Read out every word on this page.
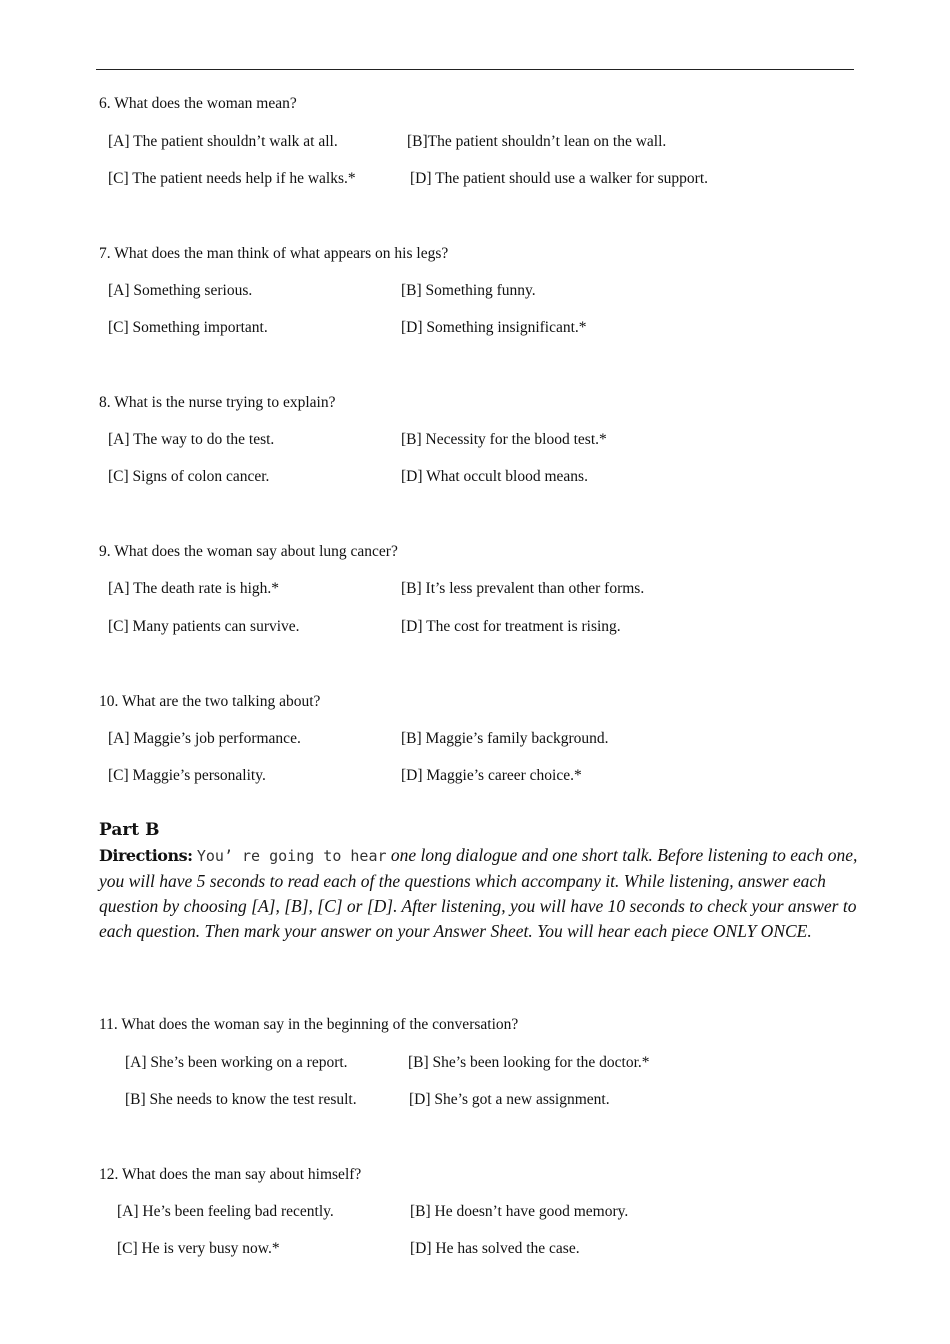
6. What does the woman mean?
[A] The patient shouldn’t walk at all.	[B]The patient shouldn’t lean on the wall.
[C] The patient needs help if he walks.*	[D] The patient should use a walker for support.
7. What does the man think of what appears on his legs?
[A] Something serious.	[B] Something funny.
[C] Something important.	[D] Something insignificant.*
8. What is the nurse trying to explain?
[A] The way to do the test.	[B] Necessity for the blood test.*
[C] Signs of colon cancer.	[D] What occult blood means.
9. What does the woman say about lung cancer?
[A] The death rate is high.*	[B] It’s less prevalent than other forms.
[C] Many patients can survive.	[D] The cost for treatment is rising.
10. What are the two talking about?
[A] Maggie’s job performance.	[B] Maggie’s family background.
[C] Maggie’s personality.	[D] Maggie’s career choice.*
Part B
Directions: You’ re going to hear one long dialogue and one short talk. Before listening to each one, you will have 5 seconds to read each of the questions which accompany it. While listening, answer each question by choosing [A], [B], [C] or [D]. After listening, you will have 10 seconds to check your answer to each question. Then mark your answer on your Answer Sheet. You will hear each piece ONLY ONCE.
11. What does the woman say in the beginning of the conversation?
[A] She’s been working on a report.	[B] She’s been looking for the doctor.*
[B] She needs to know the test result.	[D] She’s got a new assignment.
12. What does the man say about himself?
[A] He’s been feeling bad recently.	[B] He doesn’t have good memory.
[C] He is very busy now.*	[D] He has solved the case.
